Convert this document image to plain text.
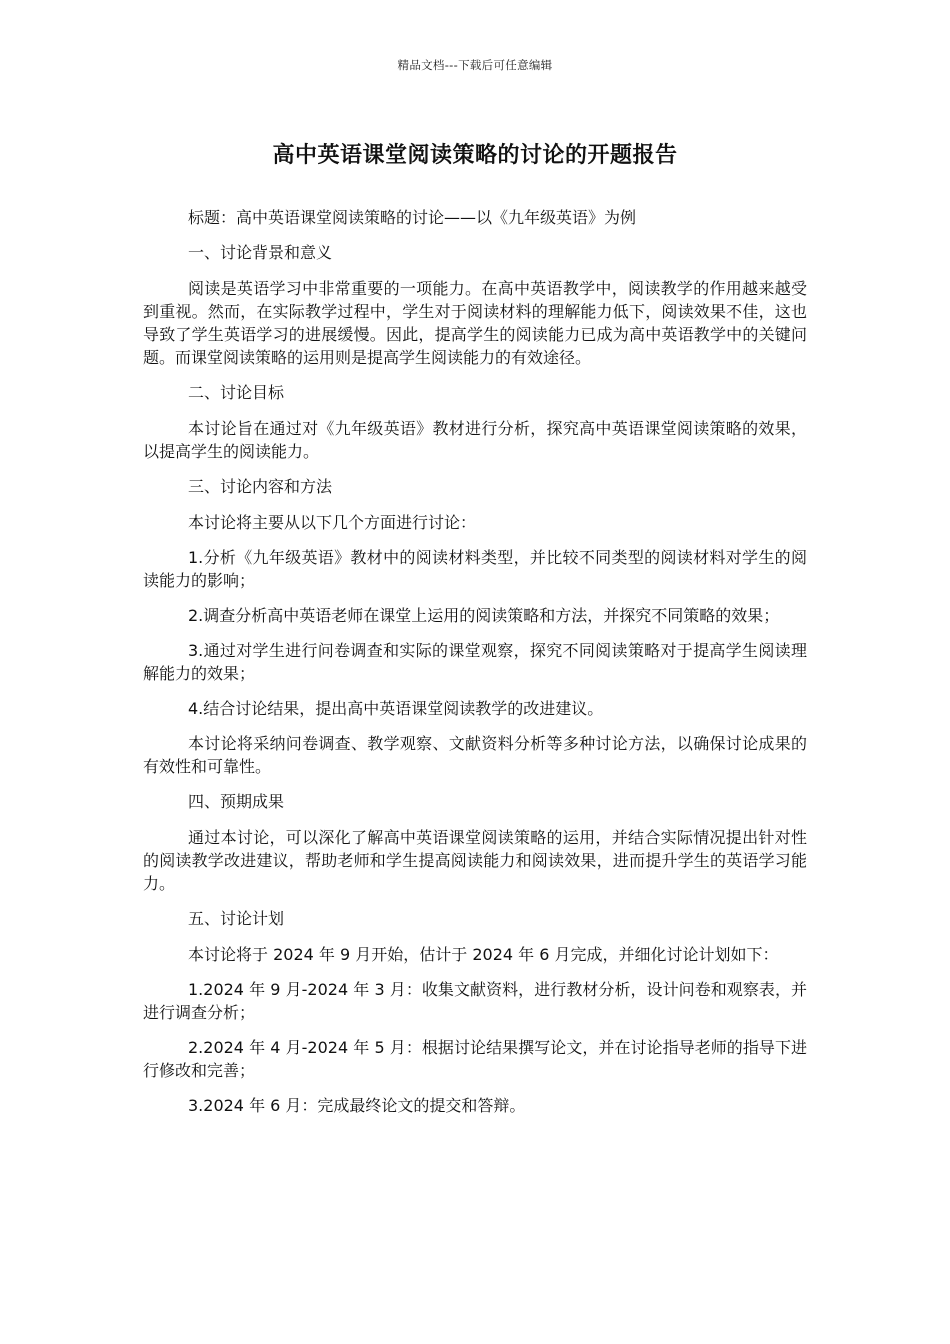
精品文档---下载后可任意编辑
高中英语课堂阅读策略的讨论的开题报告

标题：高中英语课堂阅读策略的讨论——以《九年级英语》为例

一、讨论背景和意义

阅读是英语学习中非常重要的一项能力。在高中英语教学中，阅读教学的作用越来越受到重视。然而，在实际教学过程中，学生对于阅读材料的理解能力低下，阅读效果不佳，这也导致了学生英语学习的进展缓慢。因此，提高学生的阅读能力已成为高中英语教学中的关键问题。而课堂阅读策略的运用则是提高学生阅读能力的有效途径。

二、讨论目标

本讨论旨在通过对《九年级英语》教材进行分析，探究高中英语课堂阅读策略的效果，以提高学生的阅读能力。

三、讨论内容和方法

本讨论将主要从以下几个方面进行讨论：

1.分析《九年级英语》教材中的阅读材料类型，并比较不同类型的阅读材料对学生的阅读能力的影响；

2.调查分析高中英语老师在课堂上运用的阅读策略和方法，并探究不同策略的效果；

3.通过对学生进行问卷调查和实际的课堂观察，探究不同阅读策略对于提高学生阅读理解能力的效果；

4.结合讨论结果，提出高中英语课堂阅读教学的改进建议。

本讨论将采纳问卷调查、教学观察、文献资料分析等多种讨论方法，以确保讨论成果的有效性和可靠性。

四、预期成果

通过本讨论，可以深化了解高中英语课堂阅读策略的运用，并结合实际情况提出针对性的阅读教学改进建议，帮助老师和学生提高阅读能力和阅读效果，进而提升学生的英语学习能力。

五、讨论计划

本讨论将于 2024 年 9 月开始，估计于 2024 年 6 月完成，并细化讨论计划如下：

1.2024 年 9 月-2024 年 3 月：收集文献资料，进行教材分析，设计问卷和观察表，并进行调查分析；

2.2024 年 4 月-2024 年 5 月：根据讨论结果撰写论文，并在讨论指导老师的指导下进行修改和完善；

3.2024 年 6 月：完成最终论文的提交和答辩。
